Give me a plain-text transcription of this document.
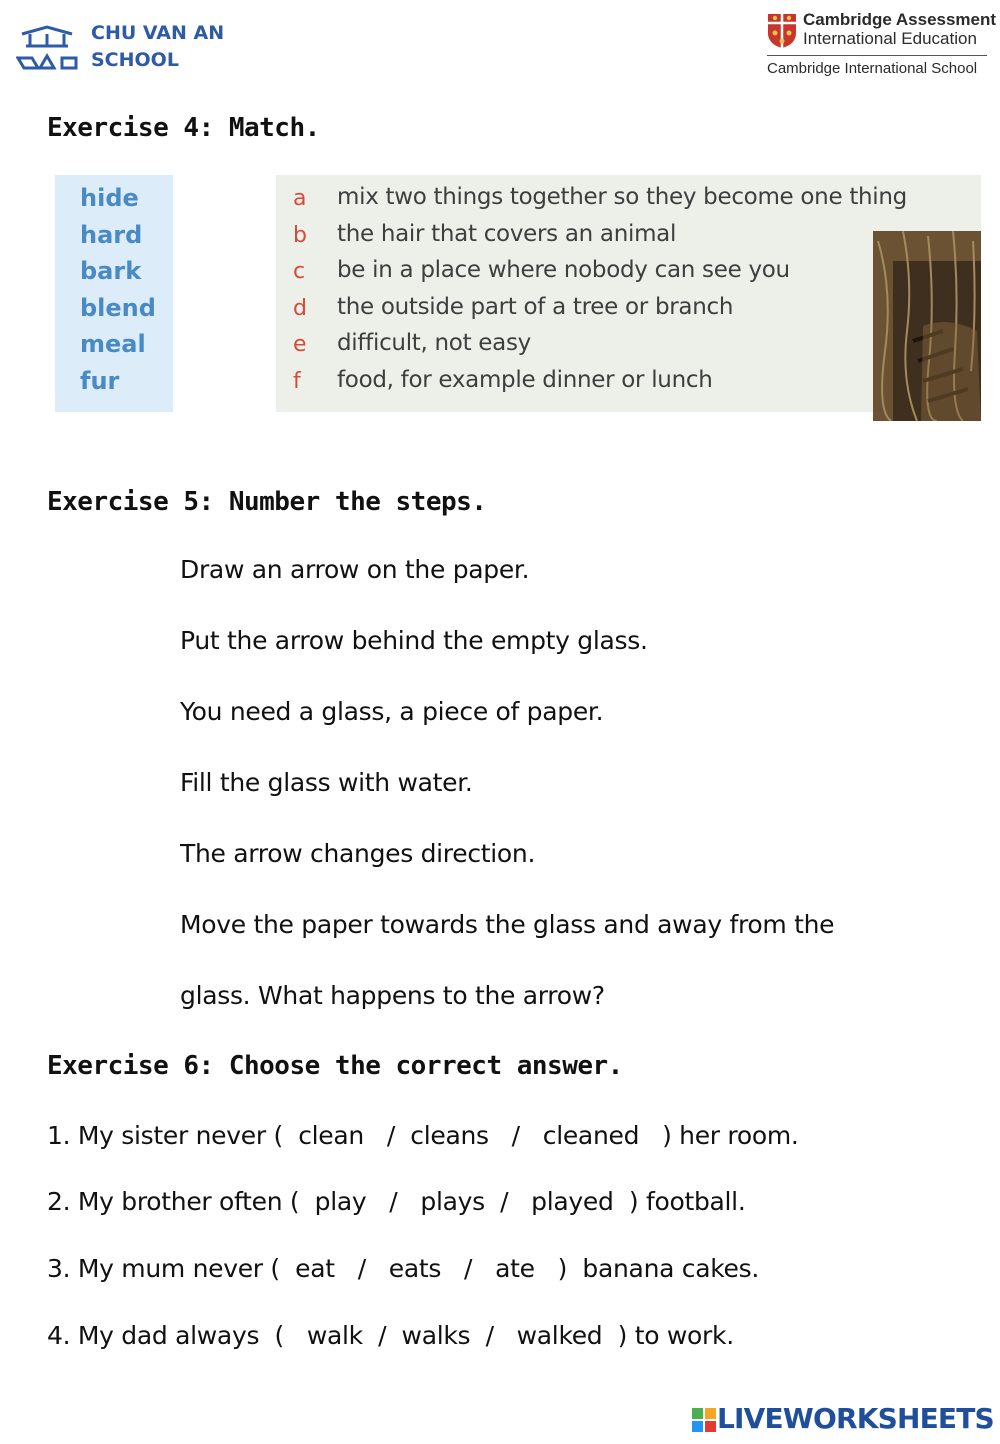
CHU VAN AN
SCHOOL
Cambridge Assessment
International Education
Cambridge International School
Exercise 4: Match.
hide
hard
bark
blend
meal
fur
a mix two things together so they become one thing
b the hair that covers an animal
c be in a place where nobody can see you
d the outside part of a tree or branch
e difficult, not easy
f food, for example dinner or lunch
Exercise 5: Number the steps.
Draw an arrow on the paper.
Put the arrow behind the empty glass.
You need a glass, a piece of paper.
Fill the glass with water.
The arrow changes direction.
Move the paper towards the glass and away from the
glass. What happens to the arrow?
Exercise 6: Choose the correct answer.
1. My sister never (  clean   /  cleans   /   cleaned   ) her room.
2. My brother often (  play   /   plays  /   played  ) football.
3. My mum never (  eat   /   eats   /   ate   )  banana cakes.
4. My dad always  (   walk  /  walks  /   walked  ) to work.
LIVEWORKSHEETS
